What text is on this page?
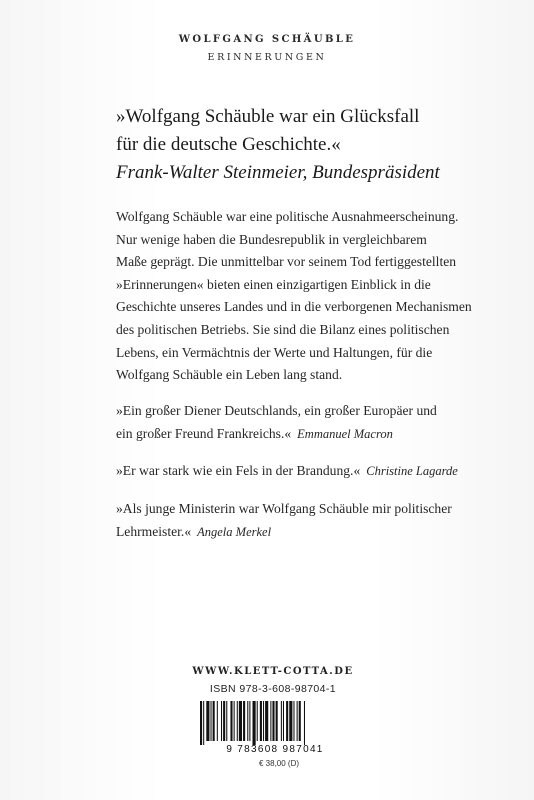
WOLFGANG SCHÄUBLE
ERINNERUNGEN
»Wolfgang Schäuble war ein Glücksfall
für die deutsche Geschichte.«
Frank-Walter Steinmeier, Bundespräsident
Wolfgang Schäuble war eine politische Ausnahmeerscheinung.
Nur wenige haben die Bundesrepublik in vergleichbarem
Maße geprägt. Die unmittelbar vor seinem Tod fertiggestellten
»Erinnerungen« bieten einen einzigartigen Einblick in die
Geschichte unseres Landes und in die verborgenen Mechanismen
des politischen Betriebs. Sie sind die Bilanz eines politischen
Lebens, ein Vermächtnis der Werte und Haltungen, für die
Wolfgang Schäuble ein Leben lang stand.
»Ein großer Diener Deutschlands, ein großer Europäer und
ein großer Freund Frankreichs.« Emmanuel Macron
»Er war stark wie ein Fels in der Brandung.« Christine Lagarde
»Als junge Ministerin war Wolfgang Schäuble mir politischer
Lehrmeister.« Angela Merkel
WWW.KLETT-COTTA.DE
ISBN 978-3-608-98704-1
9 783608 987041
€ 38,00 (D)
